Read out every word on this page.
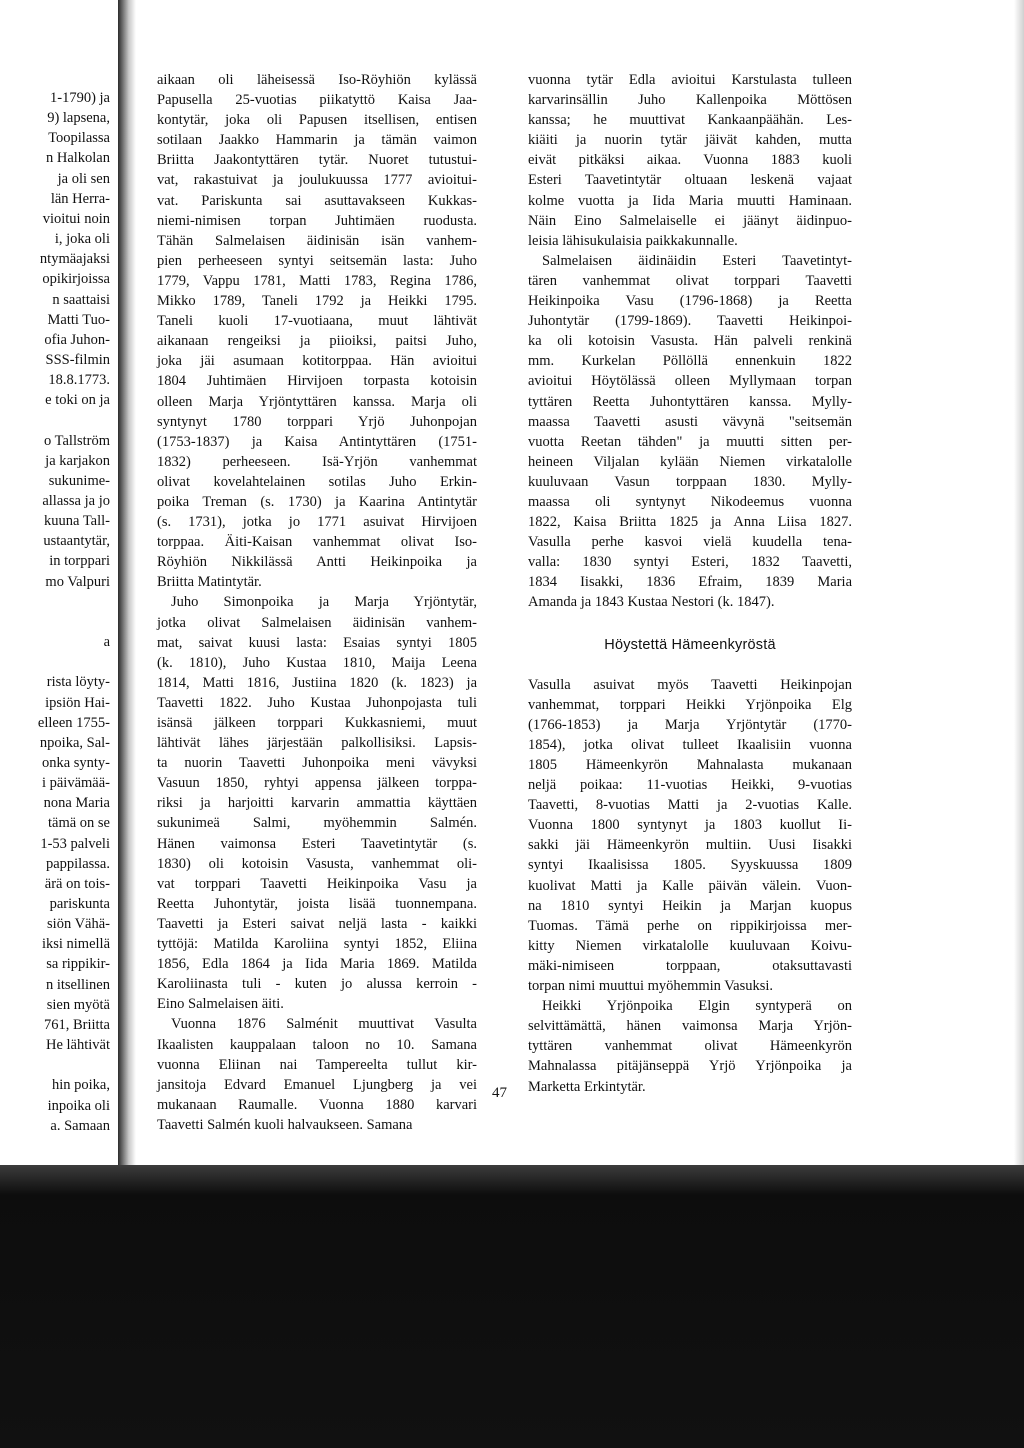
1-1790) ja
9) lapsena,
Toopilassa
n Halkolan
ja oli sen
län Herra-
vioitui noin
i, joka oli
ntymäajaksi
opikirjoissa
n saattaisi
Matti Tuo-
ofia Juhon-
SSS-filmin
18.8.1773.
e toki on ja
o Tallström
ja karjakon
sukunime-
allassa ja jo
kuuna Tall-
ustaantytär,
in torppari
mo Valpuri
a
rista löyty-
ipsiön Hai-
elleen 1755-
npoika, Sal-
onka synty-
i päivämää-
nona Maria
tämä on se
1-53 palveli
pappilassa.
ärä on tois-
pariskunta
siön Vähä-
iksi nimellä
sa rippikir-
n itsellinen
sien myötä
761, Briitta
He lähtivät
hin poika,
inpoika oli
a. Samaan

aikaan oli läheisessä Iso-Röyhiön kylässä
Papusella 25-vuotias piikatyttö Kaisa Jaa-
kontytär, joka oli Papusen itsellisen, entisen
sotilaan Jaakko Hammarin ja tämän vaimon
Briitta Jaakontyttären tytär. Nuoret tutustui-
vat, rakastuivat ja joulukuussa 1777 avioitui-
vat. Pariskunta sai asuttavakseen Kukkas-
niemi-nimisen torpan Juhtimäen ruodusta.
Tähän Salmelaisen äidinisän isän vanhem-
pien perheeseen syntyi seitsemän lasta: Juho
1779, Vappu 1781, Matti 1783, Regina 1786,
Mikko 1789, Taneli 1792 ja Heikki 1795.
Taneli kuoli 17-vuotiaana, muut lähtivät
aikanaan rengeiksi ja piioiksi, paitsi Juho,
joka jäi asumaan kotitorppaa. Hän avioitui
1804 Juhtimäen Hirvijoen torpasta kotoisin
olleen Marja Yrjöntyttären kanssa. Marja oli
syntynyt 1780 torppari Yrjö Juhonpojan
(1753-1837) ja Kaisa Antintyttären (1751-
1832) perheeseen. Isä-Yrjön vanhemmat
olivat kovelahtelainen sotilas Juho Erkin-
poika Treman (s. 1730) ja Kaarina Antintytär
(s. 1731), jotka jo 1771 asuivat Hirvijoen
torppaa. Äiti-Kaisan vanhemmat olivat Iso-
Röyhiön Nikkilässä Antti Heikinpoika ja
Briitta Matintytär.

Juho Simonpoika ja Marja Yrjöntytär,
jotka olivat Salmelaisen äidinisän vanhem-
mat, saivat kuusi lasta: Esaias syntyi 1805
(k. 1810), Juho Kustaa 1810, Maija Leena
1814, Matti 1816, Justiina 1820 (k. 1823) ja
Taavetti 1822. Juho Kustaa Juhonpojasta tuli
isänsä jälkeen torppari Kukkasniemi, muut
lähtivät lähes järjestään palkollisiksi. Lapsis-
ta nuorin Taavetti Juhonpoika meni vävyksi
Vasuun 1850, ryhtyi appensa jälkeen torppa-
riksi ja harjoitti karvarin ammattia käyttäen
sukunimeä Salmi, myöhemmin Salmén.
Hänen vaimonsa Esteri Taavetintytär (s.
1830) oli kotoisin Vasusta, vanhemmat oli-
vat torppari Taavetti Heikinpoika Vasu ja
Reetta Juhontytär, joista lisää tuonnempana.
Taavetti ja Esteri saivat neljä lasta - kaikki
tyttöjä: Matilda Karoliina syntyi 1852, Eliina
1856, Edla 1864 ja Iida Maria 1869. Matilda
Karoliinasta tuli - kuten jo alussa kerroin -
Eino Salmelaisen äiti.

Vuonna 1876 Salménit muuttivat Vasulta
Ikaalisten kauppalaan taloon no 10. Samana
vuonna Eliinan nai Tampereelta tullut kir-
jansitoja Edvard Emanuel Ljungberg ja vei
mukanaan Raumalle. Vuonna 1880 karvari
Taavetti Salmén kuoli halvaukseen. Samana

vuonna tytär Edla avioitui Karstulasta tulleen
karvarinsällin Juho Kallenpoika Möttösen
kanssa; he muuttivat Kankaanpäähän. Les-
kiäiti ja nuorin tytär jäivät kahden, mutta
eivät pitkäksi aikaa. Vuonna 1883 kuoli
Esteri Taavetintytär oltuaan leskenä vajaat
kolme vuotta ja Iida Maria muutti Haminaan.
Näin Eino Salmelaiselle ei jäänyt äidinpuo-
leisia lähisukulaisia paikkakunnalle.

Salmelaisen äidinäidin Esteri Taavetintyt-
tären vanhemmat olivat torppari Taavetti
Heikinpoika Vasu (1796-1868) ja Reetta
Juhontytär (1799-1869). Taavetti Heikinpoi-
ka oli kotoisin Vasusta. Hän palveli renkinä
mm. Kurkelan Pöllöllä ennenkuin 1822
avioitui Höytölässä olleen Myllymaan torpan
tyttären Reetta Juhontyttären kanssa. Mylly-
maassa Taavetti asusti vävynä "seitsemän
vuotta Reetan tähden" ja muutti sitten per-
heineen Viljalan kylään Niemen virkatalolle
kuuluvaan Vasun torppaan 1830. Mylly-
maassa oli syntynyt Nikodeemus vuonna
1822, Kaisa Briitta 1825 ja Anna Liisa 1827.
Vasulla perhe kasvoi vielä kuudella tena-
valla: 1830 syntyi Esteri, 1832 Taavetti,
1834 Iisakki, 1836 Efraim, 1839 Maria
Amanda ja 1843 Kustaa Nestori (k. 1847).

Höystettä Hämeenkyröstä

Vasulla asuivat myös Taavetti Heikinpojan
vanhemmat, torppari Heikki Yrjönpoika Elg
(1766-1853) ja Marja Yrjöntytär (1770-
1854), jotka olivat tulleet Ikaalisiin vuonna
1805 Hämeenkyrön Mahnalasta mukanaan
neljä poikaa: 11-vuotias Heikki, 9-vuotias
Taavetti, 8-vuotias Matti ja 2-vuotias Kalle.
Vuonna 1800 syntynyt ja 1803 kuollut Ii-
sakki jäi Hämeenkyrön multiin. Uusi Iisakki
syntyi Ikaalisissa 1805. Syyskuussa 1809
kuolivat Matti ja Kalle päivän välein. Vuon-
na 1810 syntyi Heikin ja Marjan kuopus
Tuomas. Tämä perhe on rippikirjoissa mer-
kitty Niemen virkatalolle kuuluvaan Koivu-
mäki-nimiseen torppaan, otaksuttavasti
torpan nimi muuttui myöhemmin Vasuksi.

Heikki Yrjönpoika Elgin syntyperä on
selvittämättä, hänen vaimonsa Marja Yrjön-
tyttären vanhemmat olivat Hämeenkyrön
Mahnalassa pitäjänseppä Yrjö Yrjönpoika ja
Marketta Erkintytär.

47
